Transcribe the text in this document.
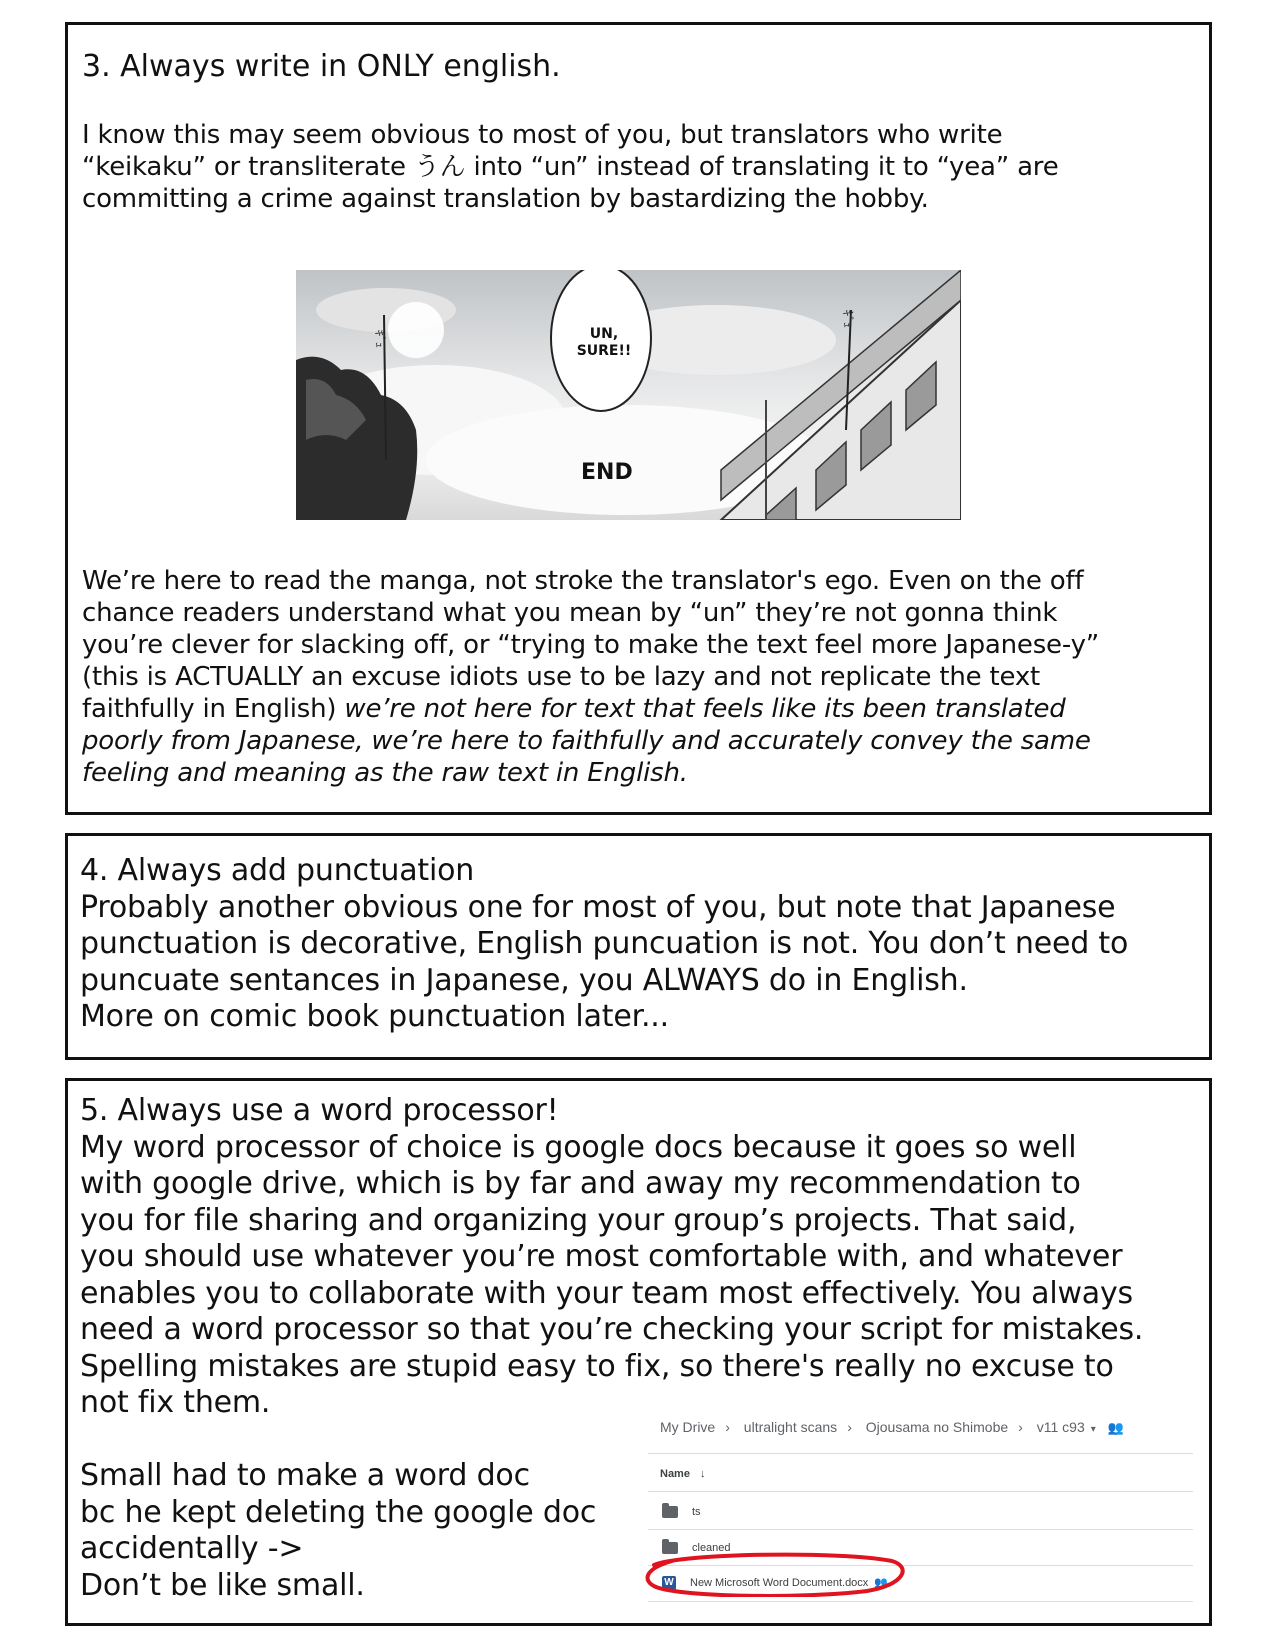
3. Always write in ONLY english.

I know this may seem obvious to most of you, but translators who write
“keikaku” or transliterate うん into “un” instead of translating it to “yea” are
committing a crime against translation by bastardizing the hobby.
ｷﾞｭ
ｷﾞｭ
UN,
SURE!!
END
We’re here to read the manga, not stroke the translator's ego. Even on the off
chance readers understand what you mean by “un” they’re not gonna think
you’re clever for slacking off, or “trying to make the text feel more Japanese-y”
(this is ACTUALLY an excuse idiots use to be lazy and not replicate the text
faithfully in English) we’re not here for text that feels like its been translated
poorly from Japanese, we’re here to faithfully and accurately convey the same
feeling and meaning as the raw text in English.
4. Always add punctuation
Probably another obvious one for most of you, but note that Japanese
punctuation is decorative, English puncuation is not. You don’t need to
puncuate sentances in Japanese, you ALWAYS do in English.
More on comic book punctuation later...
5. Always use a word processor!
My word processor of choice is google docs because it goes so well
with google drive, which is by far and away my recommendation to
you for file sharing and organizing your group’s projects. That said,
you should use whatever you’re most comfortable with, and whatever
enables you to collaborate with your team most effectively. You always
need a word processor so that you’re checking your script for mistakes.
Spelling mistakes are stupid easy to fix, so there's really no excuse to
not fix them.
Small had to make a word doc
bc he kept deleting the google doc
accidentally ->
Don’t be like small.
My Drive › ultralight scans › Ojousama no Shimobe › v11 c93 ▾ 👥
Name ↓
ts
cleaned
W New Microsoft Word Document.docx 👥
